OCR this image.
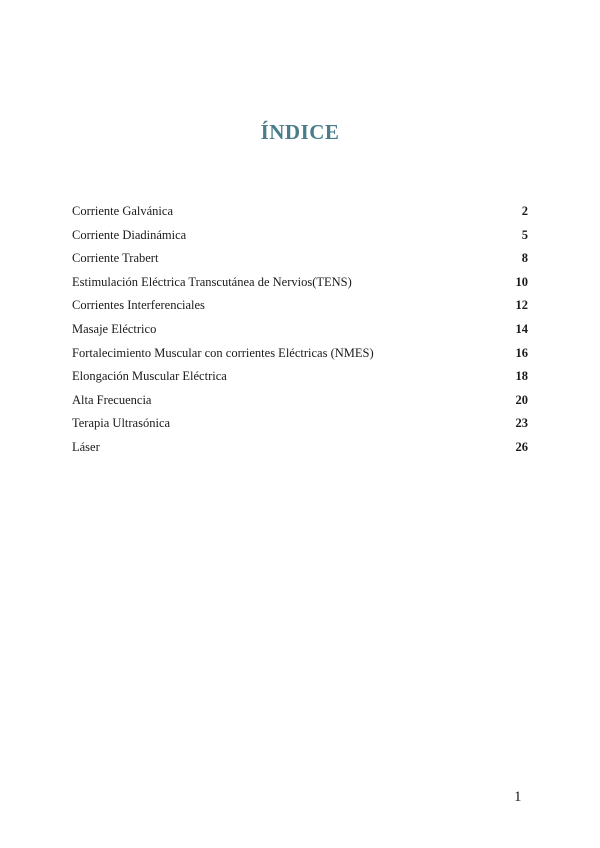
ÍNDICE
Corriente Galvánica	2
Corriente Diadinámica	5
Corriente Trabert	8
Estimulación Eléctrica Transcutánea de Nervios(TENS)	10
Corrientes Interferenciales	12
Masaje Eléctrico	14
Fortalecimiento Muscular con corrientes Eléctricas (NMES)	16
Elongación Muscular Eléctrica	18
Alta Frecuencia	20
Terapia Ultrasónica	23
Láser	26
1
